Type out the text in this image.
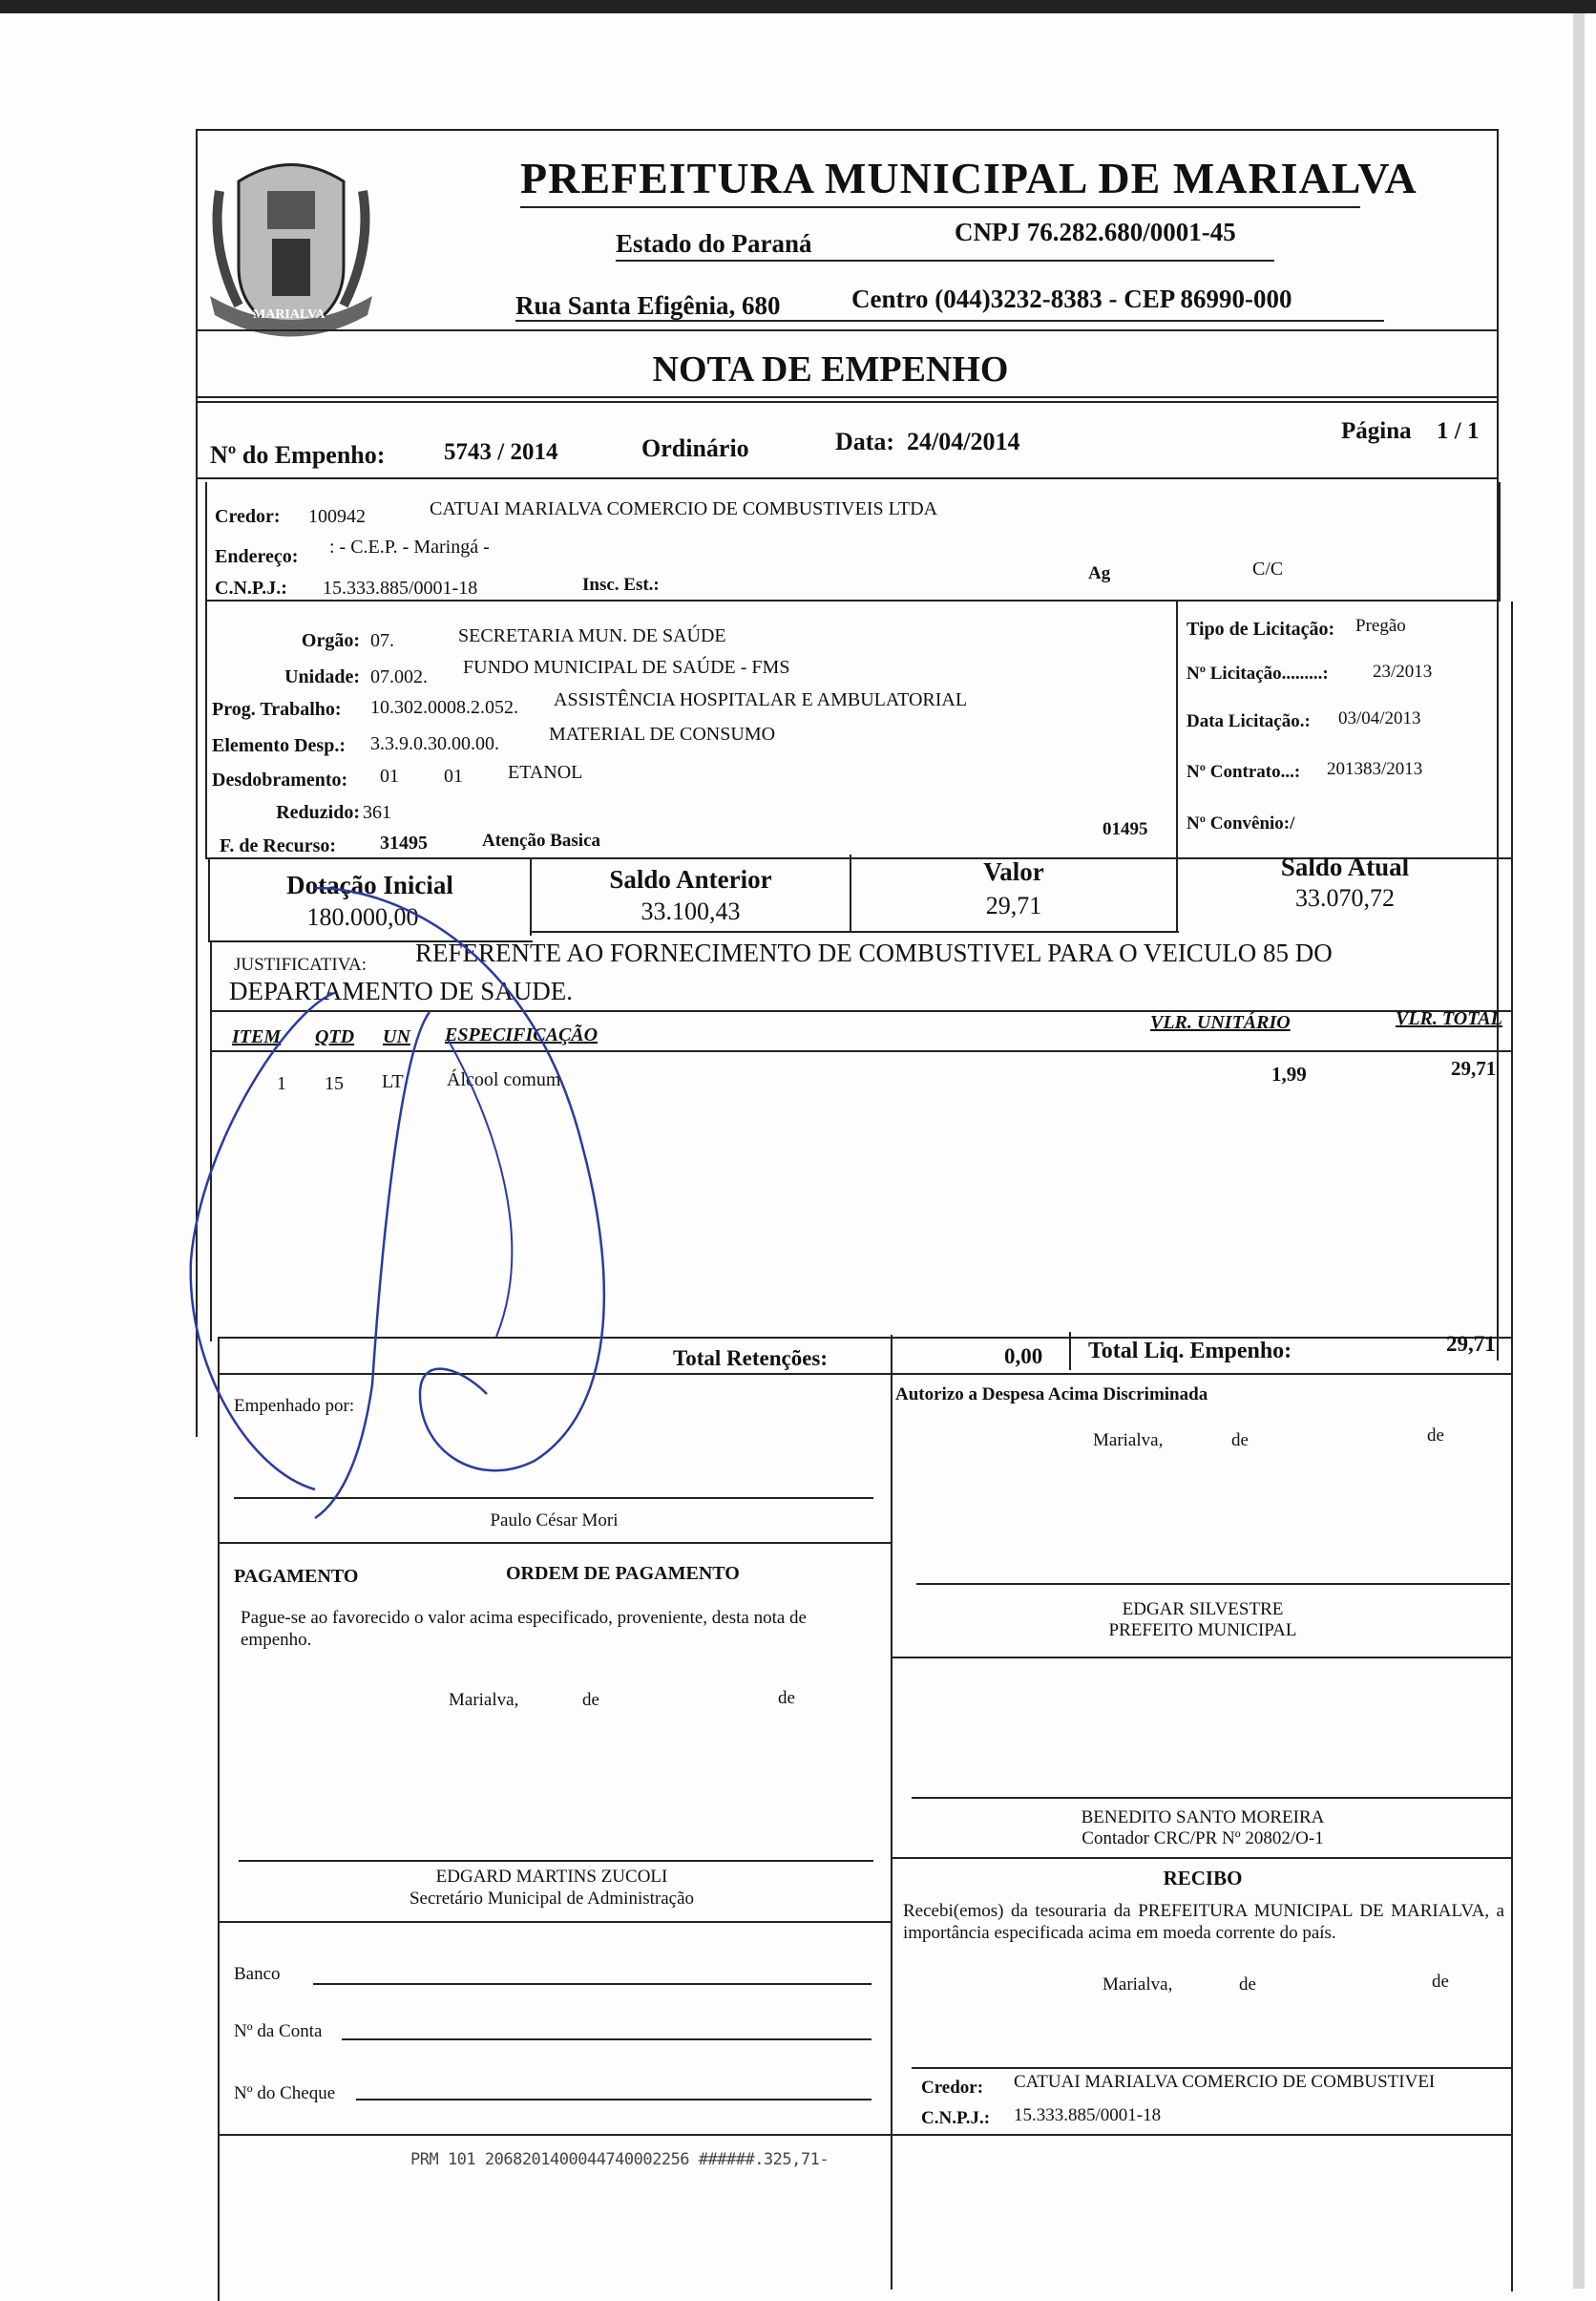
MARIALVA
PREFEITURA MUNICIPAL DE MARIALVA
Estado do Paraná	CNPJ 76.282.680/0001-45
Rua Santa Efigênia, 680	Centro (044)3232-8383 - CEP 86990-000
NOTA DE EMPENHO
Nº do Empenho: 5743 / 2014	Ordinário	Data: 24/04/2014	Página 1 / 1
Credor: 100942	CATUAI MARIALVA COMERCIO DE COMBUSTIVEIS LTDA
Endereço: : - C.E.P. - Maringá -
C.N.P.J.: 15.333.885/0001-18	Insc. Est.:
Ag	C/C
Orgão: 07.	SECRETARIA MUN. DE SAÚDE
Unidade: 07.002. FUNDO MUNICIPAL DE SAÚDE - FMS
Prog. Trabalho: 10.302.0008.2.052. ASSISTÊNCIA HOSPITALAR E AMBULATORIAL
Elemento Desp.: 3.3.9.0.30.00.00.	MATERIAL DE CONSUMO
Desdobramento: 01 01 ETANOL
Reduzido: 361
F. de Recurso: 31495	Atenção Basica
01495
Tipo de Licitação: Pregão
Nº Licitação.........: 23/2013
Data Licitação.: 03/04/2013
Nº Contrato...: 201383/2013
Nº Convênio:/
Dotação Inicial
180.000,00
Saldo Anterior
33.100,43
Valor
29,71
Saldo Atual
33.070,72
JUSTIFICATIVA: REFERENTE AO FORNECIMENTO DE COMBUSTIVEL PARA O VEICULO 85 DO
DEPARTAMENTO DE SAUDE.
ITEM QTD UN ESPECIFICAÇÃO
VLR. UNITÁRIO	VLR. TOTAL
1 15 LT Álcool comum	1,99	29,71
Total Retenções:	0,00 Total Liq. Empenho:	29,71
Empenhado por:
Paulo César Mori
Autorizo a Despesa Acima Discriminada
Marialva,	de	de
EDGAR SILVESTRE
PREFEITO MUNICIPAL
PAGAMENTO	ORDEM DE PAGAMENTO
Pague-se ao favorecido o valor acima especificado, proveniente, desta nota de empenho.
Marialva,	de	de
EDGARD MARTINS ZUCOLI
Secretário Municipal de Administração
BENEDITO SANTO MOREIRA
Contador CRC/PR Nº 20802/O-1
RECIBO
Recebi(emos) da tesouraria da PREFEITURA MUNICIPAL DE MARIALVA, a importância especificada acima em moeda corrente do país.
Marialva,	de	de
Credor: CATUAI MARIALVA COMERCIO DE COMBUSTIVEI
C.N.P.J.: 15.333.885/0001-18
Banco
Nº da Conta
Nº do Cheque
PRM 101 2068201400044740002256 ######.325,71-
